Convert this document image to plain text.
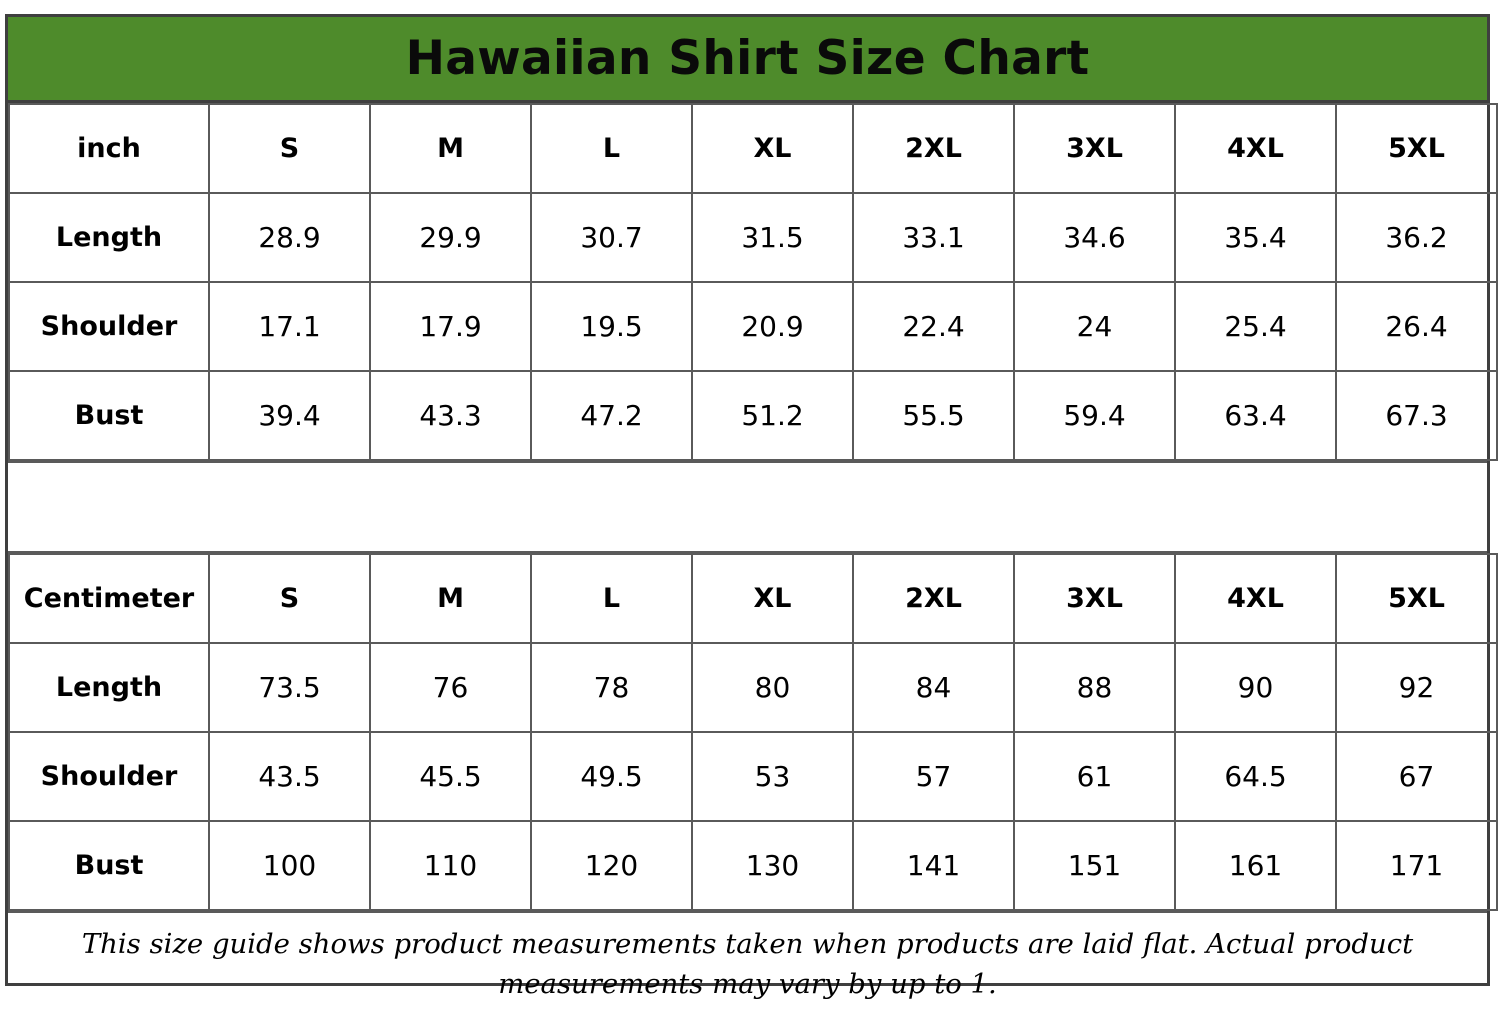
Hawaiian Shirt Size Chart
inch	S	M	L	XL	2XL	3XL	4XL	5XL
Length	28.9	29.9	30.7	31.5	33.1	34.6	35.4	36.2
Shoulder	17.1	17.9	19.5	20.9	22.4	24	25.4	26.4
Bust	39.4	43.3	47.2	51.2	55.5	59.4	63.4	67.3
Centimeter	S	M	L	XL	2XL	3XL	4XL	5XL
Length	73.5	76	78	80	84	88	90	92
Shoulder	43.5	45.5	49.5	53	57	61	64.5	67
Bust	100	110	120	130	141	151	161	171
This size guide shows product measurements taken when products are laid flat. Actual product measurements may vary by up to 1.
